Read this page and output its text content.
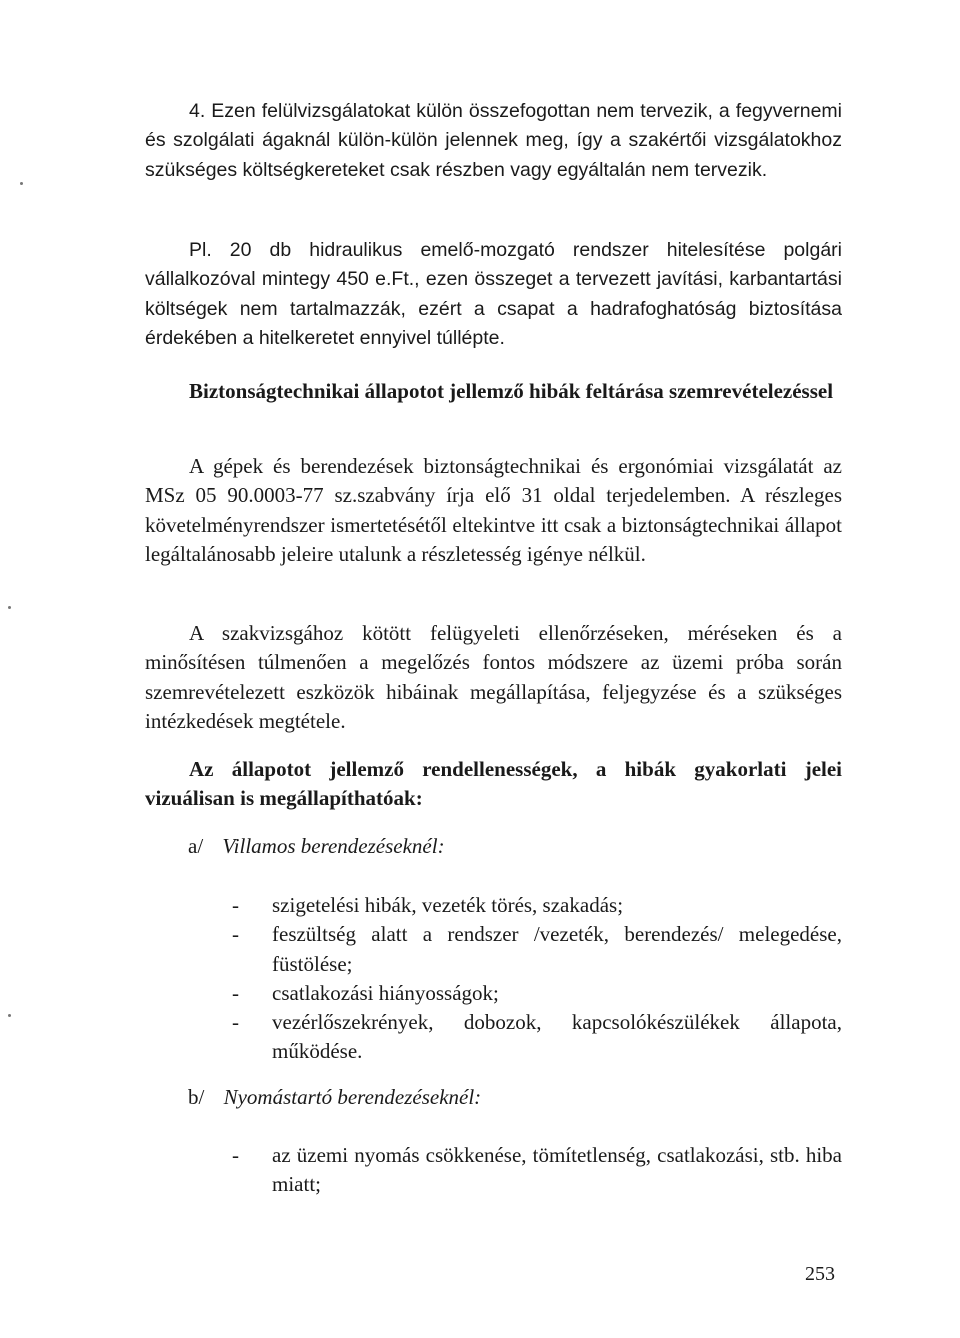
4. Ezen felülvizsgálatokat külön összefogottan nem tervezik, a fegyvernemi és szolgálati ágaknál külön-külön jelennek meg, így a szakértői vizsgálatokhoz szükséges költségkereteket csak részben vagy egyáltalán nem tervezik.

Pl. 20 db hidraulikus emelő-mozgató rendszer hitelesítése polgári vállalkozóval mintegy 450 e.Ft., ezen összeget a tervezett javítási, karbantartási költségek nem tartalmazzák, ezért a csapat a hadrafoghatóság biztosítása érdekében a hitelkeretet ennyivel túllépte.

Biztonságtechnikai állapotot jellemző hibák feltárása szemrevételezéssel

A gépek és berendezések biztonságtechnikai és ergonómiai vizsgálatát az MSz 05 90.0003-77 sz.szabvány írja elő 31 oldal terjedelemben. A részleges követelményrendszer ismertetésétől eltekintve itt csak a biztonságtechnikai állapot legáltalánosabb jeleire utalunk a részletesség igénye nélkül.

A szakvizsgához kötött felügyeleti ellenőrzéseken, méréseken és a minősítésen túlmenően a megelőzés fontos módszere az üzemi próba során szemrevételezett eszközök hibáinak megállapítása, feljegyzése és a szükséges intézkedések megtétele.

Az állapotot jellemző rendellenességek, a hibák gyakorlati jelei vizuálisan is megállapíthatóak:

a/ Villamos berendezéseknél:

- szigetelési hibák, vezeték törés, szakadás;
- feszültség alatt a rendszer /vezeték, berendezés/ melegedése, füstölése;
- csatlakozási hiányosságok;
- vezérlőszekrények, dobozok, kapcsolókészülékek állapota, működése.

b/ Nyomástartó berendezéseknél:

- az üzemi nyomás csökkenése, tömítetlenség, csatlakozási, stb. hiba miatt;
253
